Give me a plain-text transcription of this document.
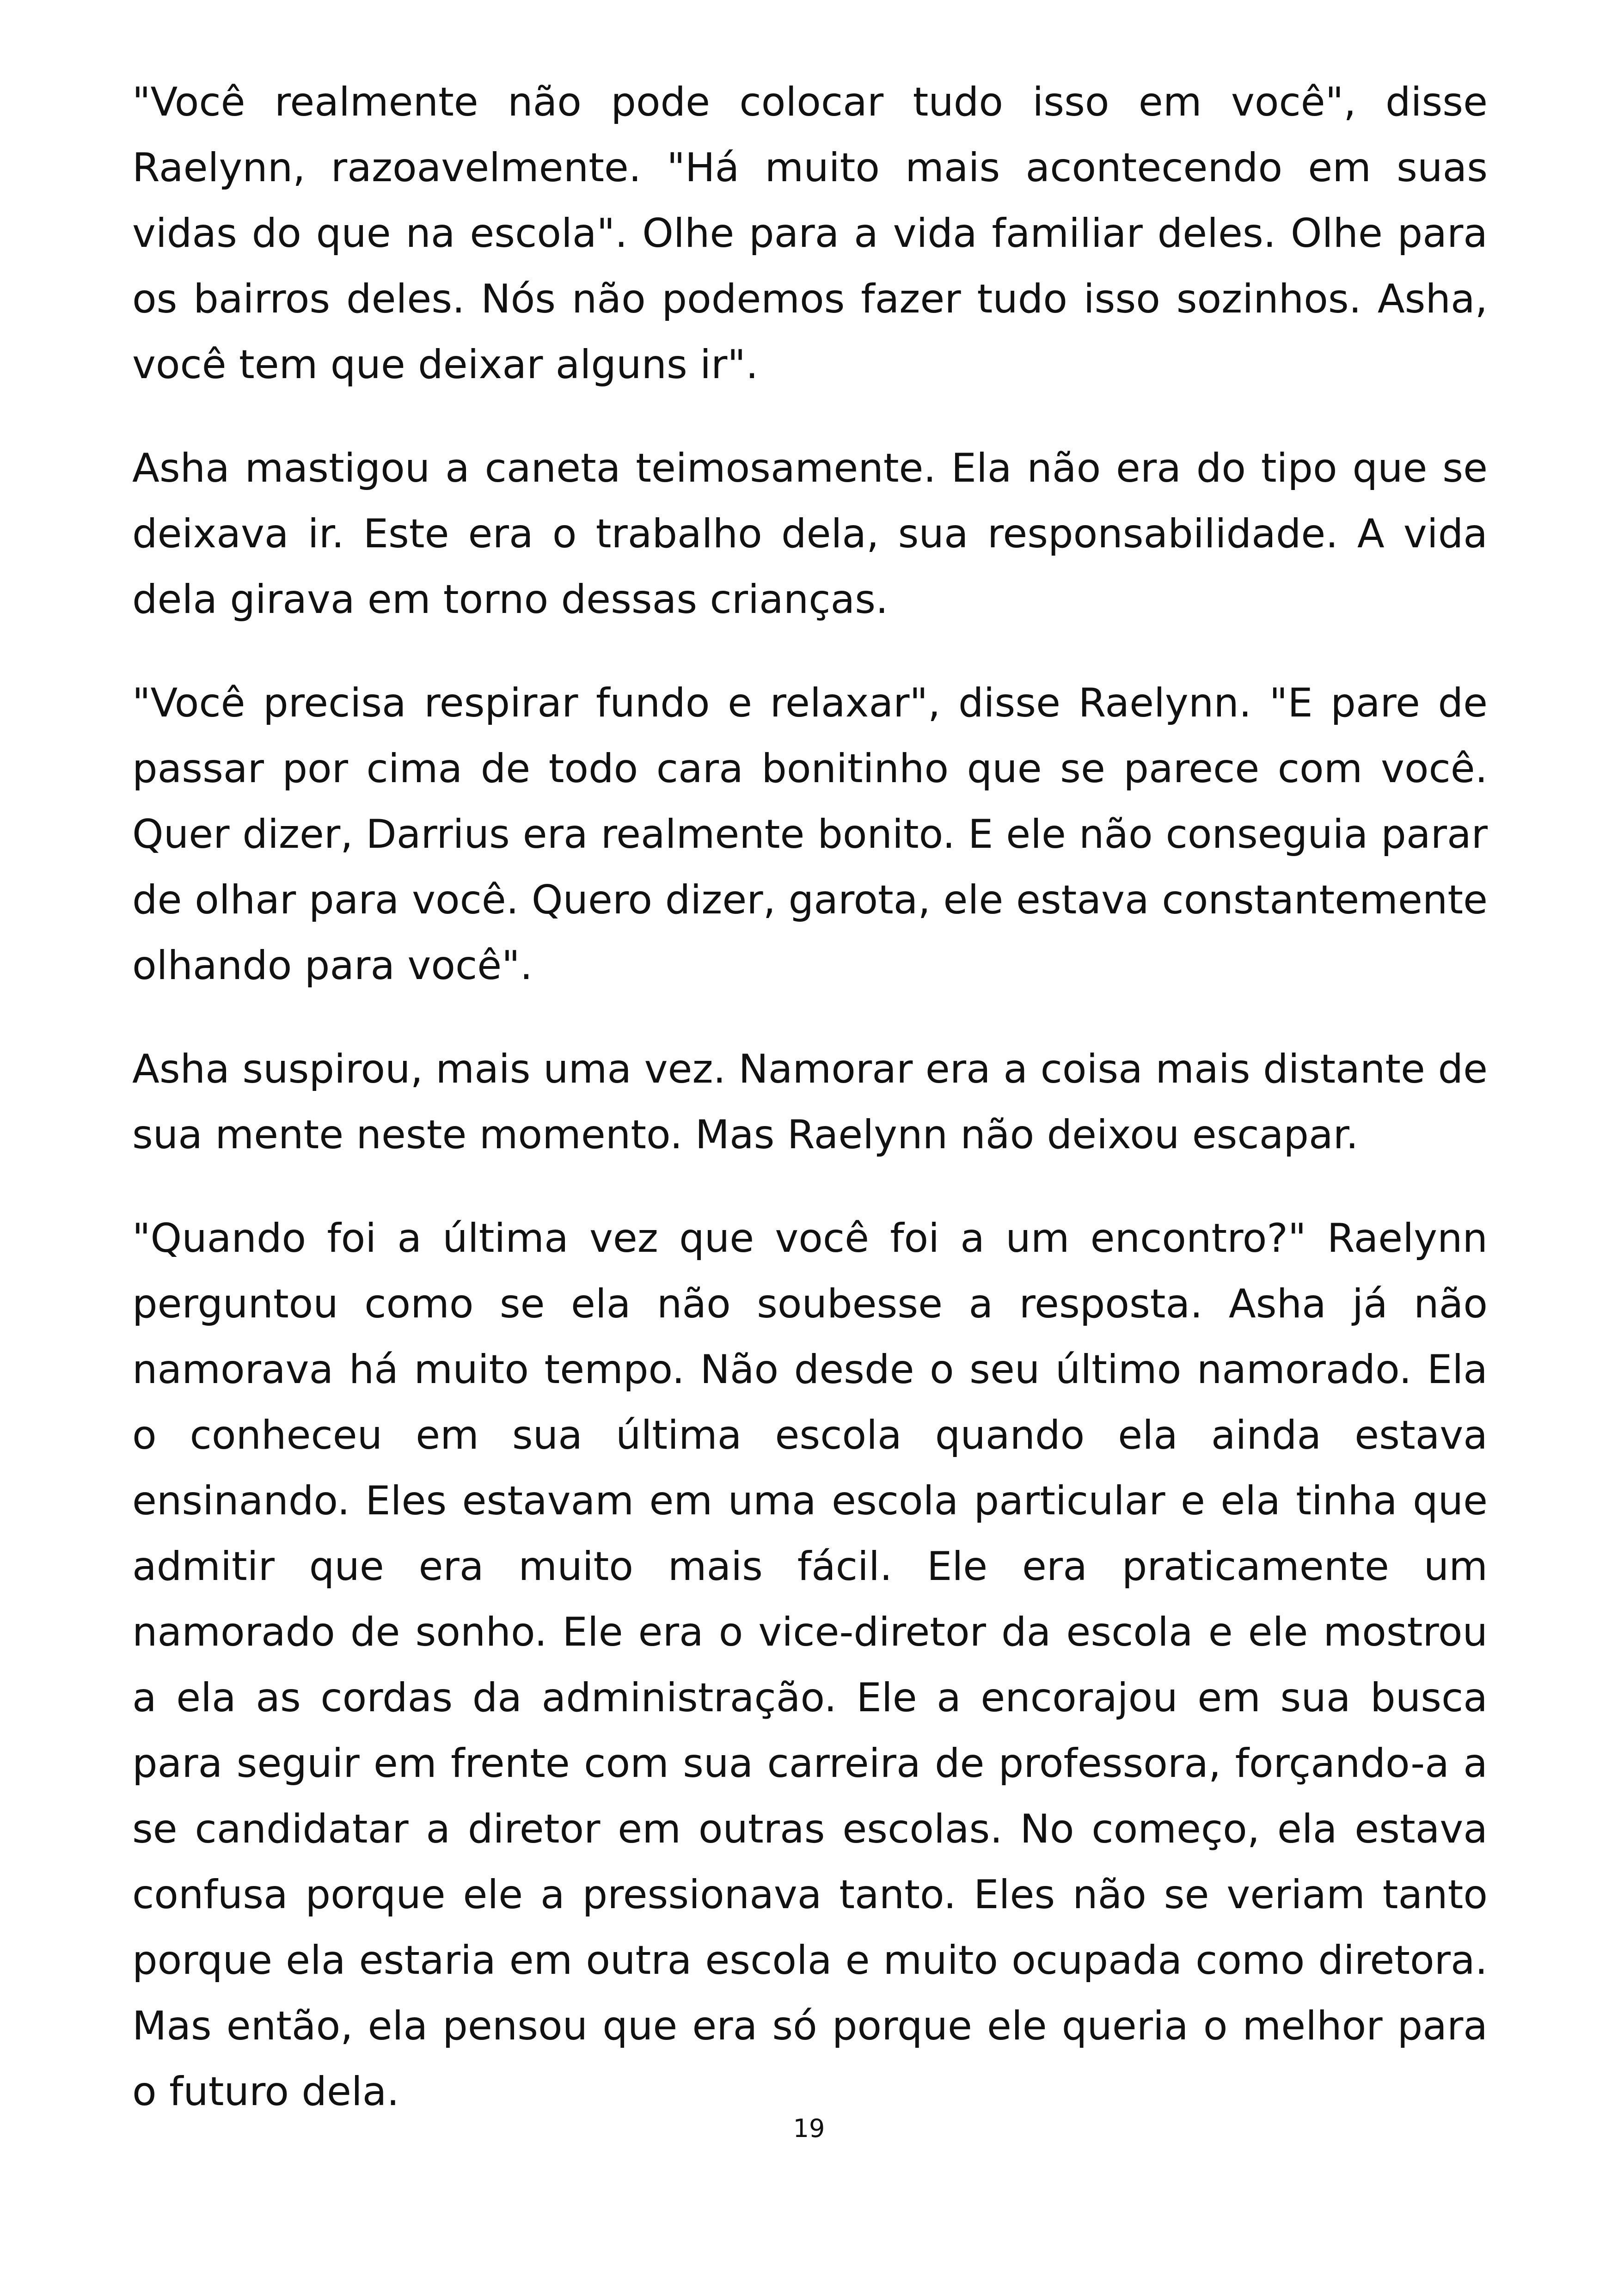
"Você realmente não pode colocar tudo isso em você", disse Raelynn, razoavelmente. "Há muito mais acontecendo em suas vidas do que na escola". Olhe para a vida familiar deles. Olhe para os bairros deles. Nós não podemos fazer tudo isso sozinhos. Asha, você tem que deixar alguns ir".

Asha mastigou a caneta teimosamente. Ela não era do tipo que se deixava ir. Este era o trabalho dela, sua responsabilidade. A vida dela girava em torno dessas crianças.

"Você precisa respirar fundo e relaxar", disse Raelynn. "E pare de passar por cima de todo cara bonitinho que se parece com você. Quer dizer, Darrius era realmente bonito. E ele não conseguia parar de olhar para você. Quero dizer, garota, ele estava constantemente olhando para você".

Asha suspirou, mais uma vez. Namorar era a coisa mais distante de sua mente neste momento. Mas Raelynn não deixou escapar.

"Quando foi a última vez que você foi a um encontro?" Raelynn perguntou como se ela não soubesse a resposta. Asha já não namorava há muito tempo. Não desde o seu último namorado. Ela o conheceu em sua última escola quando ela ainda estava ensinando. Eles estavam em uma escola particular e ela tinha que admitir que era muito mais fácil. Ele era praticamente um namorado de sonho. Ele era o vice-diretor da escola e ele mostrou a ela as cordas da administração. Ele a encorajou em sua busca para seguir em frente com sua carreira de professora, forçando-a a se candidatar a diretor em outras escolas. No começo, ela estava confusa porque ele a pressionava tanto. Eles não se veriam tanto porque ela estaria em outra escola e muito ocupada como diretora. Mas então, ela pensou que era só porque ele queria o melhor para o futuro dela.

19
